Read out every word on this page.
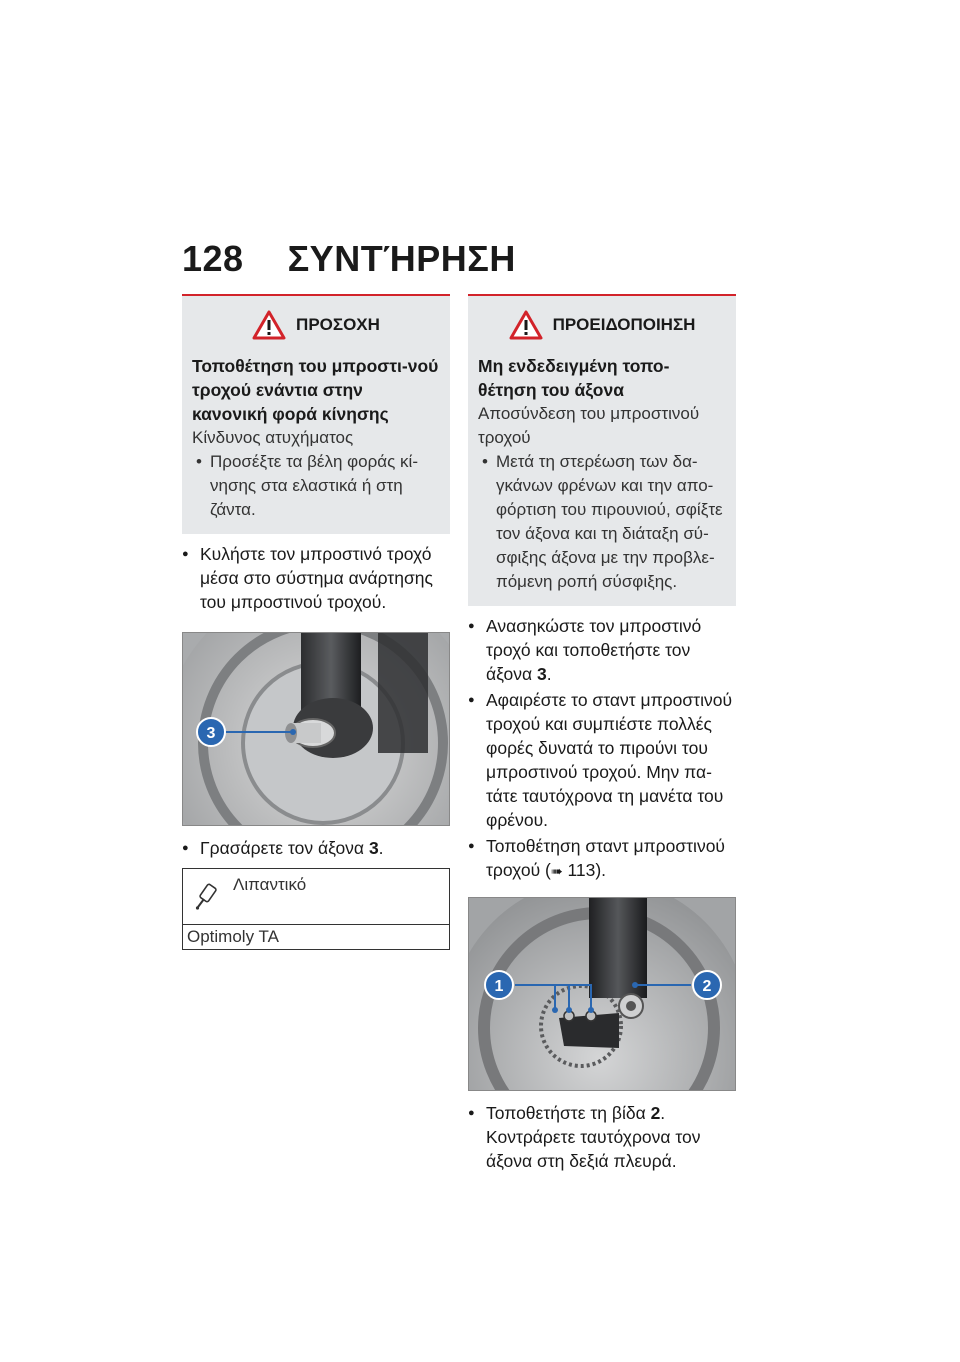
128 ΣΥΝΤΉΡΗΣΗ
ΠΡΟΣΟΧΗ
Τοποθέτηση του μπροστι-νού τροχού ενάντια στην κανονική φορά κίνησης
Κίνδυνος ατυχήματος
• Προσέξτε τα βέλη φοράς κί-νησης στα ελαστικά ή στη ζάντα.
● Κυλήστε τον μπροστινό τροχό μέσα στο σύστημα ανάρτησης του μπροστινού τροχού.
3
● Γρασάρετε τον άξονα 3.
Λιπαντικό
Optimoly TA
ΠΡΟΕΙΔΟΠΟΙΗΣΗ
Μη ενδεδειγμένη τοπο-θέτηση του άξονα
Αποσύνδεση του μπροστινού τροχού
• Μετά τη στερέωση των δα-γκάνων φρένων και την απο-φόρτιση του πιρουνιού, σφίξτε τον άξονα και τη διάταξη σύ-σφιξης άξονα με την προβλε-πόμενη ροπή σύσφιξης.
● Ανασηκώστε τον μπροστινό τροχό και τοποθετήστε τον άξονα 3.
● Αφαιρέστε το σταντ μπροστινού τροχού και συμπιέστε πολλές φορές δυνατά το πιρούνι του μπροστινού τροχού. Μην πα-τάτε ταυτόχρονα τη μανέτα του φρένου.
● Τοποθέτηση σταντ μπροστινού τροχού (➠ 113).
1	2
● Τοποθετήστε τη βίδα 2.
Κοντράρετε ταυτόχρονα τον άξονα στη δεξιά πλευρά.
